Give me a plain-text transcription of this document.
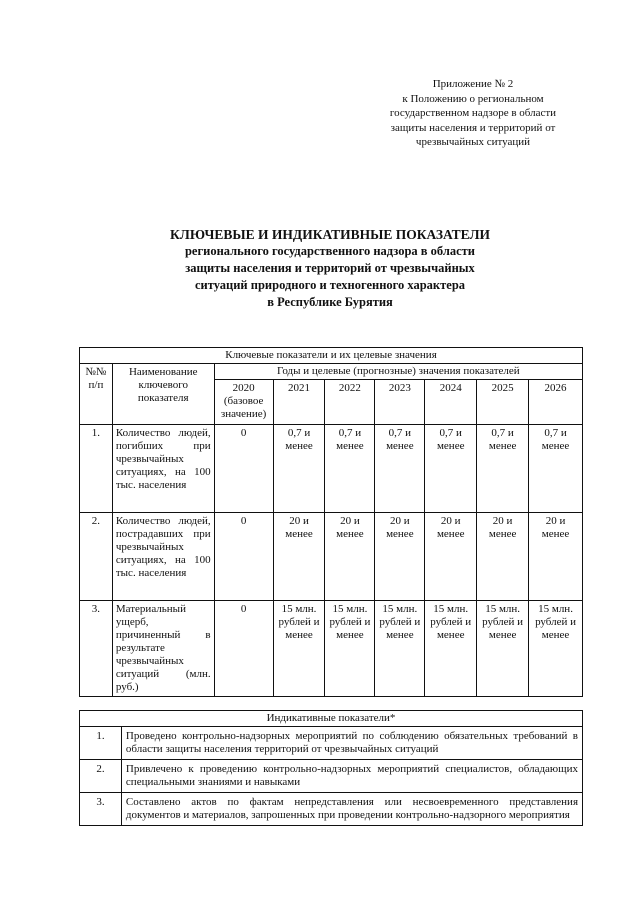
Приложение № 2
к Положению о региональном
государственном надзоре в области
защиты населения и территорий от
чрезвычайных ситуаций
КЛЮЧЕВЫЕ И ИНДИКАТИВНЫЕ ПОКАЗАТЕЛИ
регионального государственного надзора в области
защиты населения и территорий от чрезвычайных
ситуаций природного и техногенного характера
в Республике Бурятия
Ключевые показатели и их целевые значения								
№№ п/п	Наименование ключевого показателя	Годы и целевые (прогнозные) значения показателей						
		2020 (базовое значение)	2021	2022	2023	2024	2025	2026
1.	Количество людей, погибших при чрезвычайных ситуациях, на 100 тыс. населения	0	0,7 и менее	0,7 и менее	0,7 и менее	0,7 и менее	0,7 и менее	0,7 и менее
2.	Количество людей, пострадавших при чрезвычайных ситуациях, на 100 тыс. населения	0	20 и менее	20 и менее	20 и менее	20 и менее	20 и менее	20 и менее
3.	Материальный ущерб, причиненный в результате чрезвычайных ситуаций (млн. руб.)	0	15 млн. рублей и менее	15 млн. рублей и менее	15 млн. рублей и менее	15 млн. рублей и менее	15 млн. рублей и менее	15 млн. рублей и менее
Индикативные показатели*	
1.	Проведено контрольно-надзорных мероприятий по соблюдению обязательных требований в области защиты населения территорий от чрезвычайных ситуаций
2.	Привлечено к проведению контрольно-надзорных мероприятий специалистов, обладающих специальными знаниями и навыками
3.	Составлено актов по фактам непредставления или несвоевременного представления документов и материалов, запрошенных при проведении контрольно-надзорного мероприятия
